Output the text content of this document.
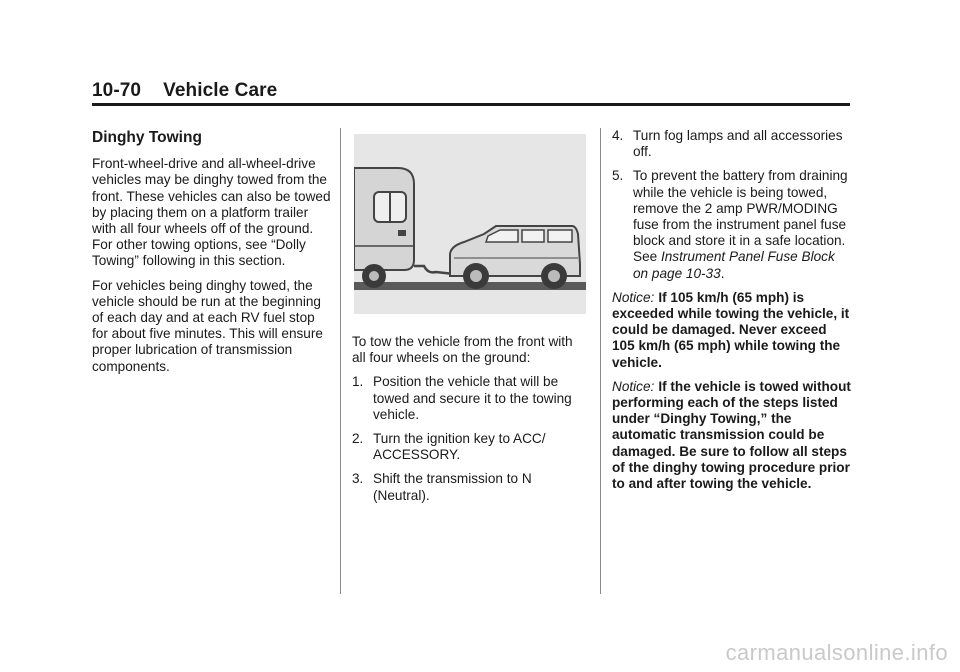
10-70 Vehicle Care
Dinghy Towing

Front-wheel-drive and all-wheel-drive vehicles may be dinghy towed from the front. These vehicles can also be towed by placing them on a platform trailer with all four wheels off of the ground. For other towing options, see “Dolly Towing” following in this section.

For vehicles being dinghy towed, the vehicle should be run at the beginning of each day and at each RV fuel stop for about five minutes. This will ensure proper lubrication of transmission components.

To tow the vehicle from the front with all four wheels on the ground:

1. Position the vehicle that will be towed and secure it to the towing vehicle.
2. Turn the ignition key to ACC/ ACCESSORY.
3. Shift the transmission to N (Neutral).
4. Turn fog lamps and all accessories off.
5. To prevent the battery from draining while the vehicle is being towed, remove the 2 amp PWR/MODING fuse from the instrument panel fuse block and store it in a safe location. See Instrument Panel Fuse Block on page 10-33.

Notice: If 105 km/h (65 mph) is exceeded while towing the vehicle, it could be damaged. Never exceed 105 km/h (65 mph) while towing the vehicle.

Notice: If the vehicle is towed without performing each of the steps listed under “Dinghy Towing,” the automatic transmission could be damaged. Be sure to follow all steps of the dinghy towing procedure prior to and after towing the vehicle.

carmanualsonline.info
